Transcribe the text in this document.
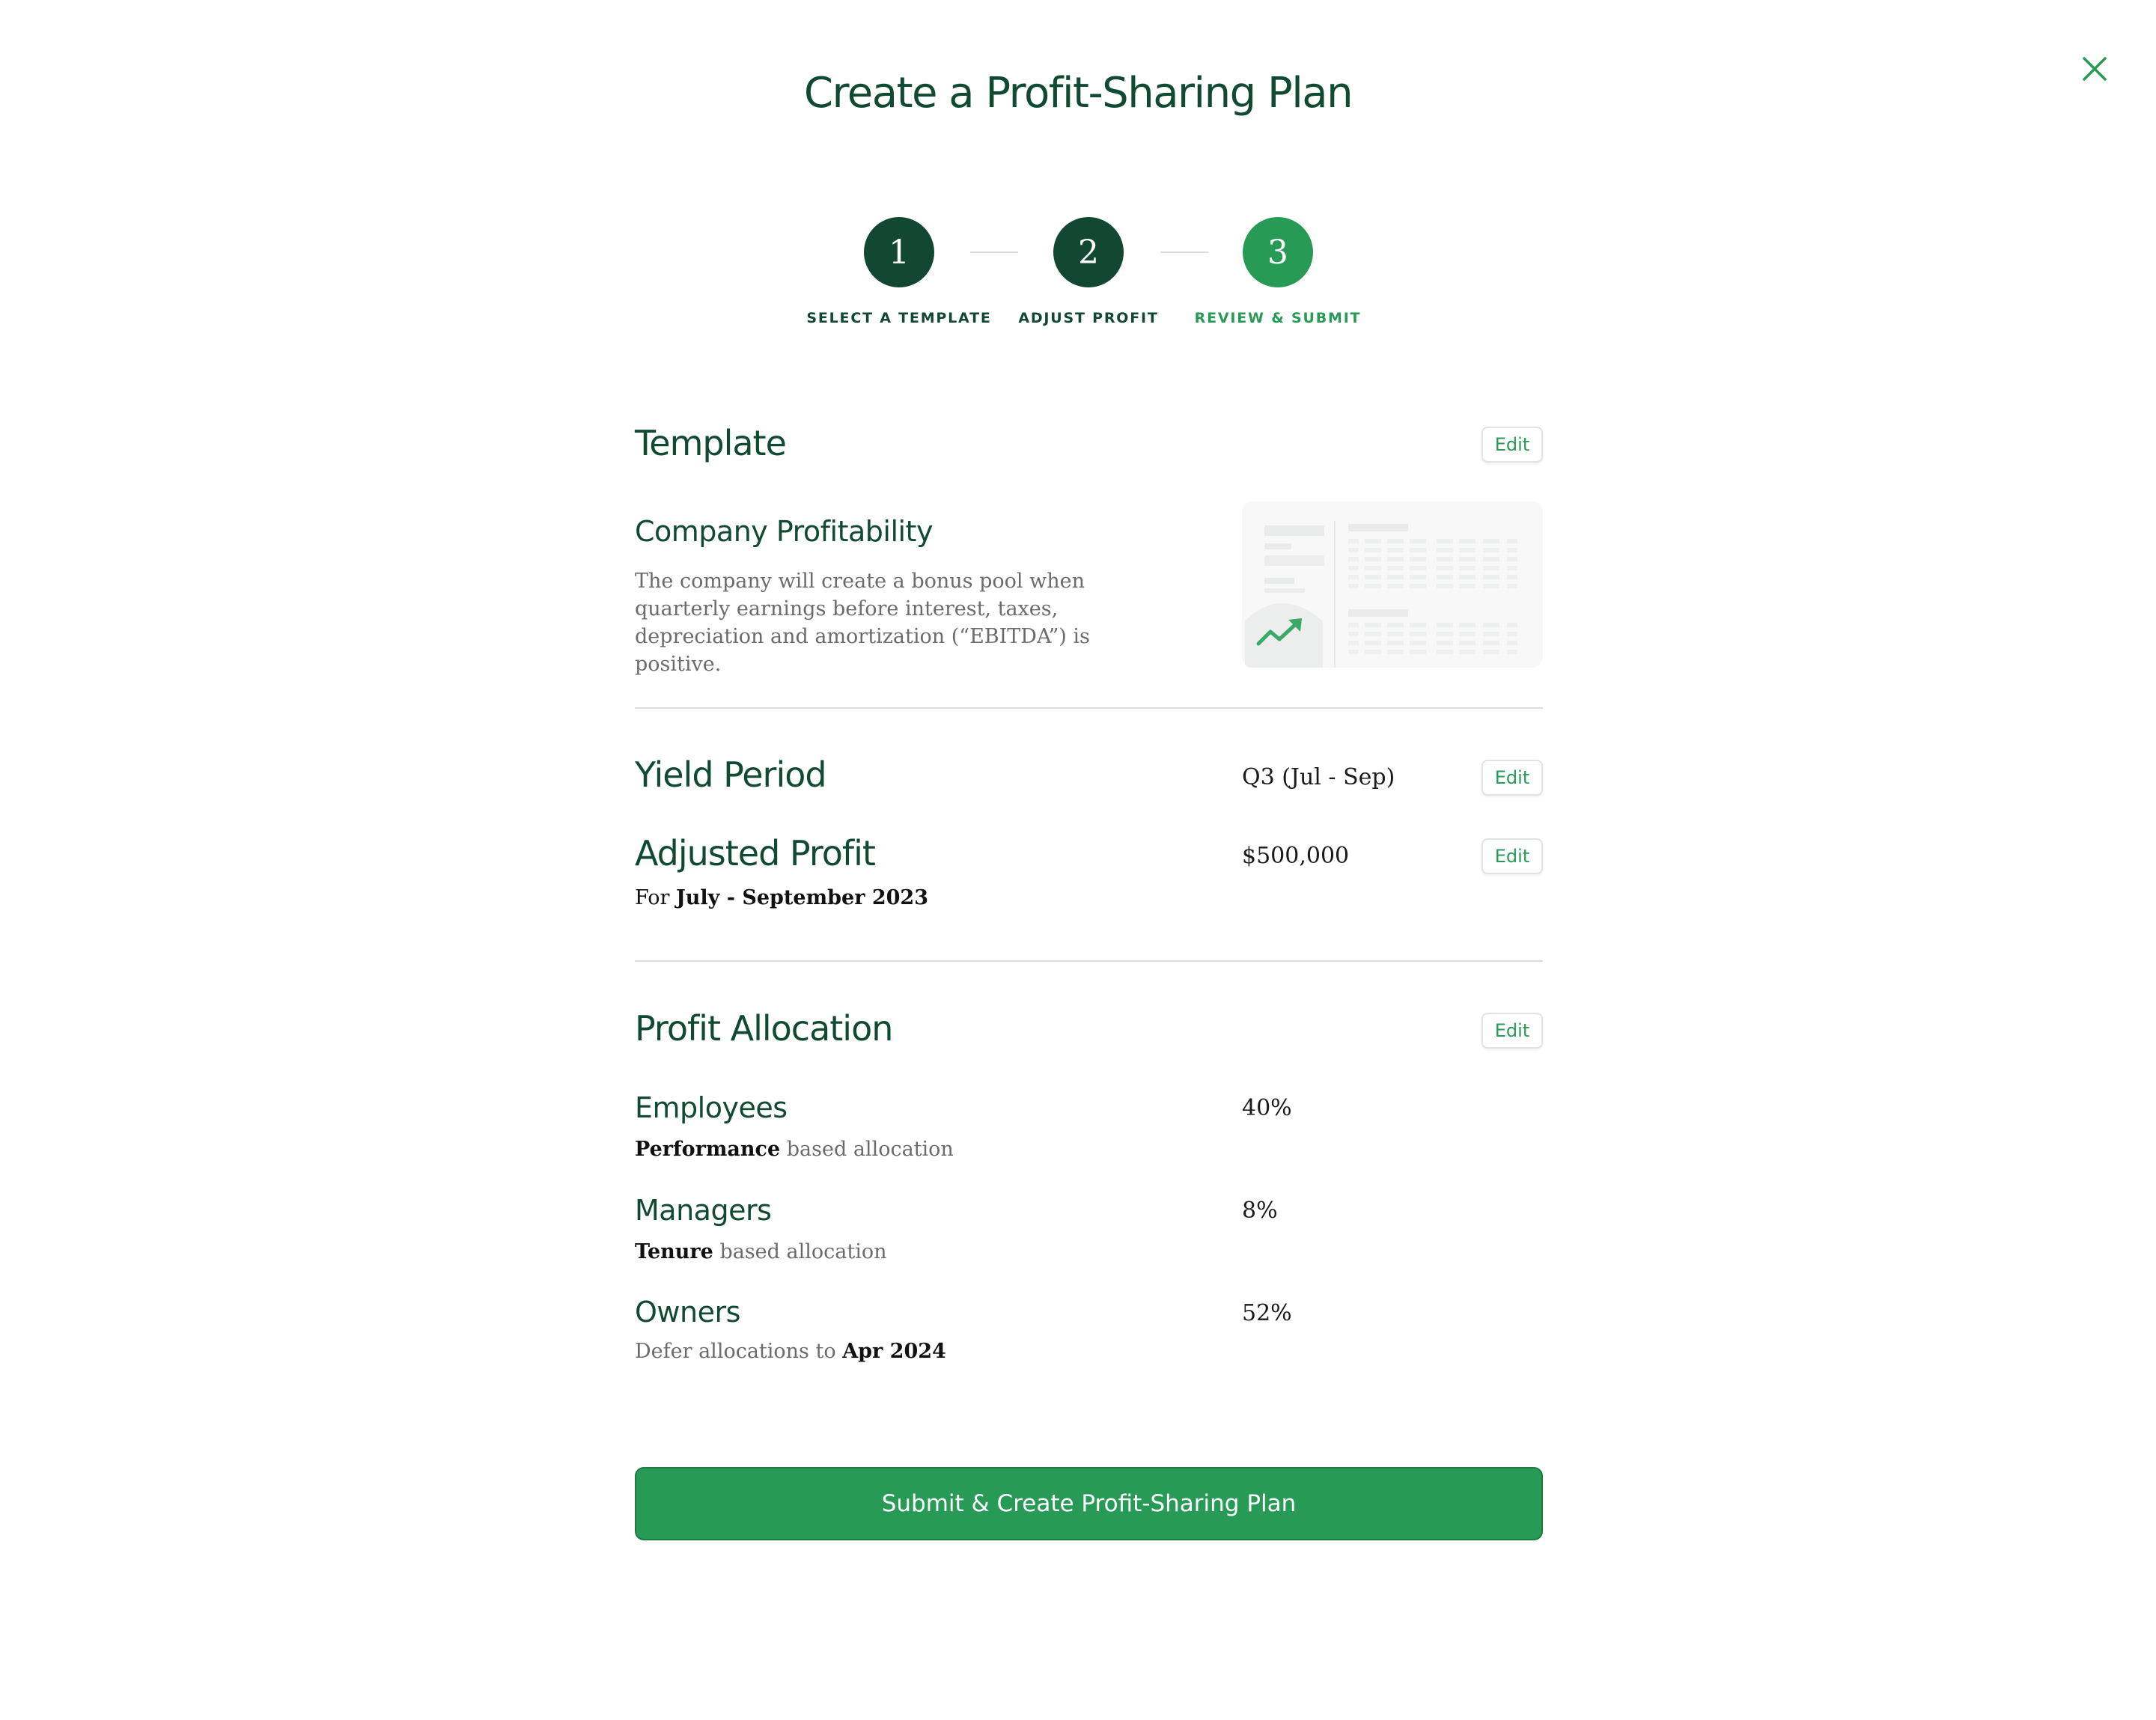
Create a Profit-Sharing Plan
1
SELECT A TEMPLATE
2
ADJUST PROFIT
3
REVIEW & SUBMIT
Template	Edit
Company Profitability
The company will create a bonus pool when quarterly earnings before interest, taxes, depreciation and amortization (“EBITDA”) is positive.
Yield Period	Q3 (Jul - Sep)	Edit
Adjusted Profit	$500,000	Edit
For July - September 2023
Profit Allocation	Edit
Employees	40%
Performance based allocation
Managers	8%
Tenure based allocation
Owners	52%
Defer allocations to Apr 2024
Submit & Create Profit-Sharing Plan
